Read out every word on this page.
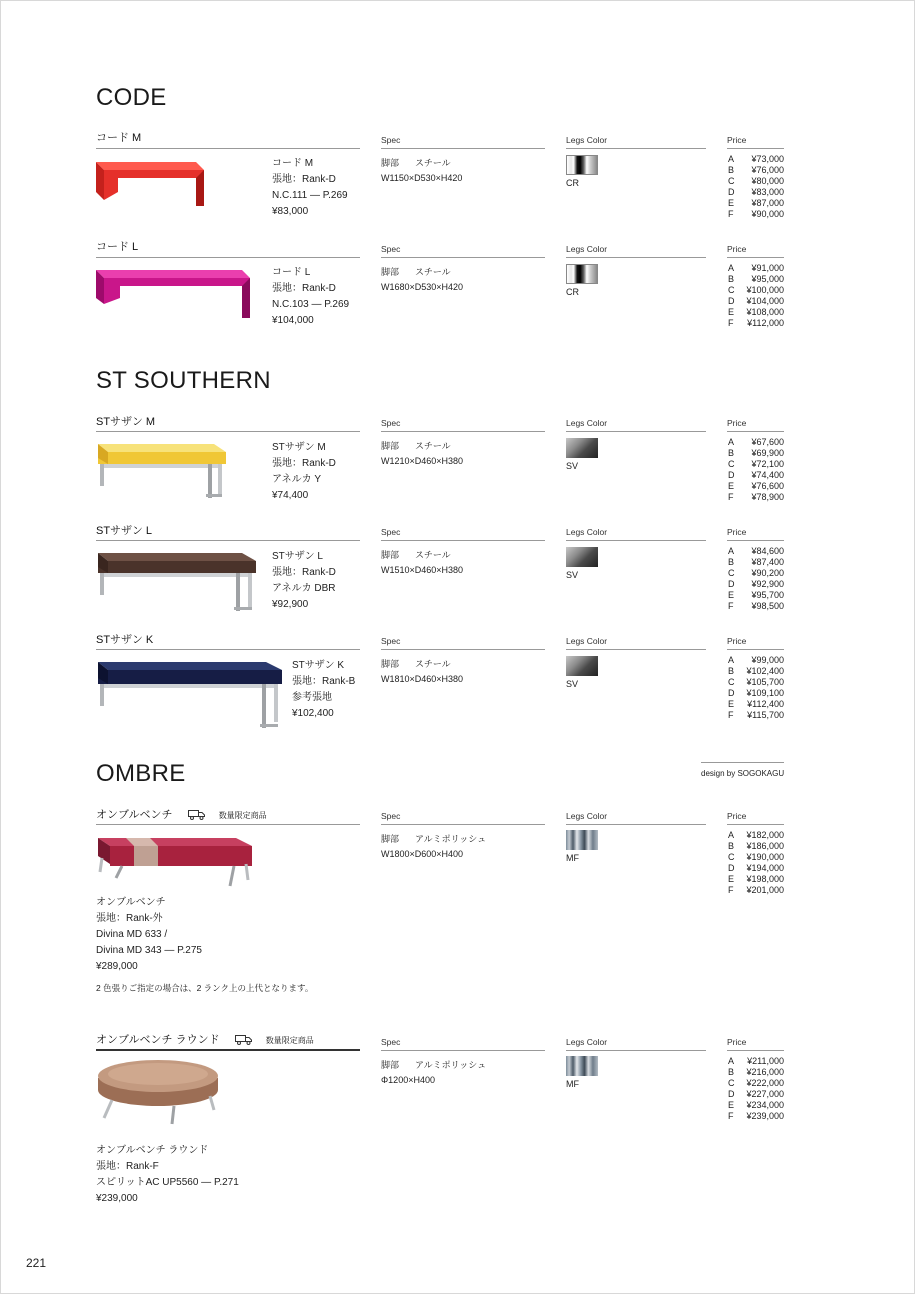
CODE
コード M	Spec	Legs Color	Price
コード M
張地：Rank-D
N.C.111 — P.269
¥83,000
脚部 スチール
W1150×D530×H420	CR
A	¥73,000
B	¥76,000
C	¥80,000
D	¥83,000
E	¥87,000
F	¥90,000
コード L	Spec	Legs Color	Price
コード L
張地：Rank-D
N.C.103 — P.269
¥104,000
脚部 スチール
W1680×D530×H420	CR
A	¥91,000
B	¥95,000
C	¥100,000
D	¥104,000
E	¥108,000
F	¥112,000
ST SOUTHERN
STサザン M	Spec	Legs Color	Price
STサザン M
張地：Rank-D
アネルカ Y
¥74,400
脚部 スチール
W1210×D460×H380	SV
A	¥67,600
B	¥69,900
C	¥72,100
D	¥74,400
E	¥76,600
F	¥78,900
STサザン L	Spec	Legs Color	Price
STサザン L
張地：Rank-D
アネルカ DBR
¥92,900
脚部 スチール
W1510×D460×H380	SV
A	¥84,600
B	¥87,400
C	¥90,200
D	¥92,900
E	¥95,700
F	¥98,500
STサザン K	Spec	Legs Color	Price
STサザン K
張地：Rank-B
参考張地
¥102,400
脚部 スチール
W1810×D460×H380	SV
A	¥99,000
B	¥102,400
C	¥105,700
D	¥109,100
E	¥112,400
F	¥115,700
OMBRE	design by SOGOKAGU
オンブルベンチ	数量限定商品	Spec	Legs Color	Price
オンブルベンチ
張地：Rank-外
Divina MD 633 /
Divina MD 343 — P.275
¥289,000
2 色張りご指定の場合は、2 ランク上の上代となります。
脚部 アルミポリッシュ
W1800×D600×H400	MF
A	¥182,000
B	¥186,000
C	¥190,000
D	¥194,000
E	¥198,000
F	¥201,000
オンブルベンチ ラウンド	数量限定商品	Spec	Legs Color	Price
オンブルベンチ ラウンド
張地：Rank-F
スピリットAC UP5560 — P.271
¥239,000
脚部 アルミポリッシュ
Φ1200×H400	MF
A	¥211,000
B	¥216,000
C	¥222,000
D	¥227,000
E	¥234,000
F	¥239,000
221
